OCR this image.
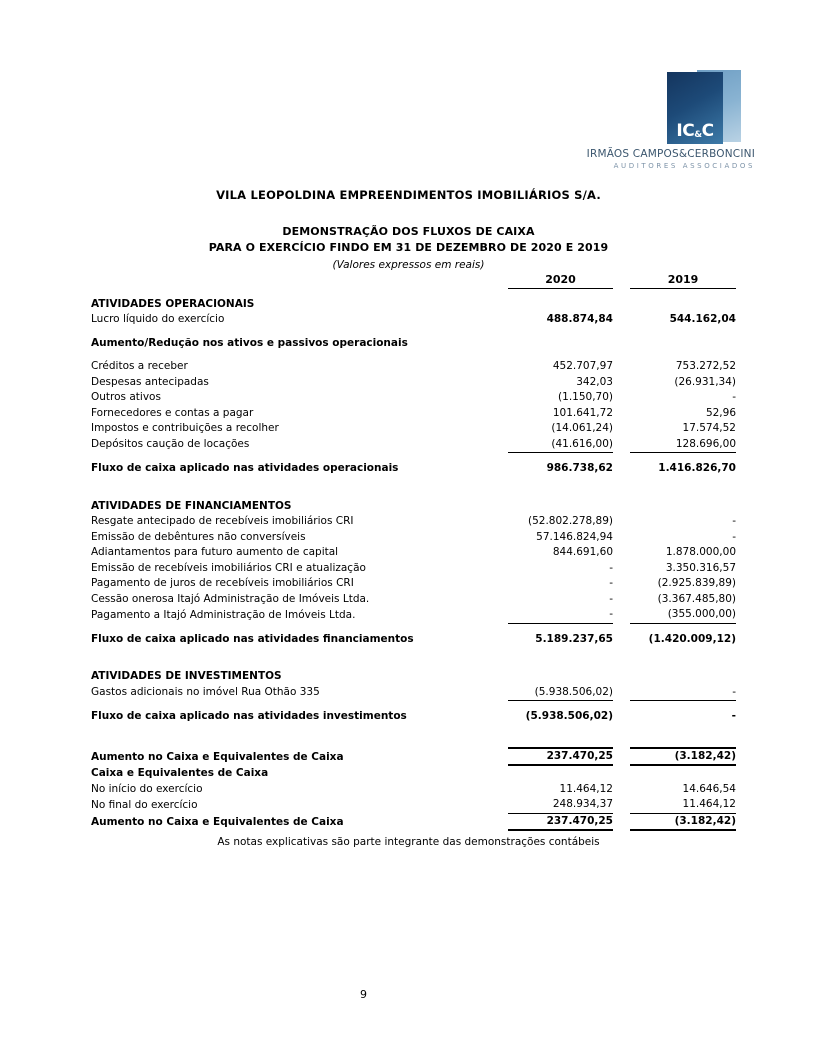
$IC_{\&}C$
IRMÃOS CAMPOS&CERBONCINI
AUDITORES ASSOCIADOS
VILA LEOPOLDINA EMPREENDIMENTOS IMOBILIÁRIOS S/A.
DEMONSTRAÇÃO DOS FLUXOS DE CAIXA
PARA O EXERCÍCIO FINDO EM 31 DE DEZEMBRO DE 2020 E 2019
(Valores expressos em reais)
	2020		2019

ATIVIDADES OPERACIONAIS			
Lucro líquido do exercício	488.874,84		544.162,04

Aumento/Redução nos ativos e passivos operacionais			

Créditos a receber	452.707,97		753.272,52
Despesas antecipadas	342,03		(26.931,34)
Outros ativos	(1.150,70)		-
Fornecedores e contas a pagar	101.641,72		52,96
Impostos e contribuições a recolher	(14.061,24)		17.574,52
Depósitos caução de locações	(41.616,00)		128.696,00

Fluxo de caixa aplicado nas atividades operacionais	986.738,62		1.416.826,70

ATIVIDADES DE FINANCIAMENTOS			
Resgate antecipado de recebíveis imobiliários CRI	(52.802.278,89)		-
Emissão de debêntures não conversíveis	57.146.824,94		-
Adiantamentos para futuro aumento de capital	844.691,60		1.878.000,00
Emissão de recebíveis imobiliários CRI e atualização	-		3.350.316,57
Pagamento de juros de recebíveis imobiliários CRI	-		(2.925.839,89)
Cessão onerosa Itajó Administração de Imóveis Ltda.	-		(3.367.485,80)
Pagamento a Itajó Administração de Imóveis Ltda.	-		(355.000,00)

Fluxo de caixa aplicado nas atividades financiamentos	5.189.237,65		(1.420.009,12)

ATIVIDADES DE INVESTIMENTOS			
Gastos adicionais no imóvel Rua Othão 335	(5.938.506,02)		-

Fluxo de caixa aplicado nas atividades investimentos	(5.938.506,02)		-

Aumento no Caixa e Equivalentes de Caixa	237.470,25		(3.182,42)
Caixa e Equivalentes de Caixa			
No início do exercício	11.464,12		14.646,54
No final do exercício	248.934,37		11.464,12
Aumento no Caixa e Equivalentes de Caixa	237.470,25		(3.182,42)
As notas explicativas são parte integrante das demonstrações contábeis
9
